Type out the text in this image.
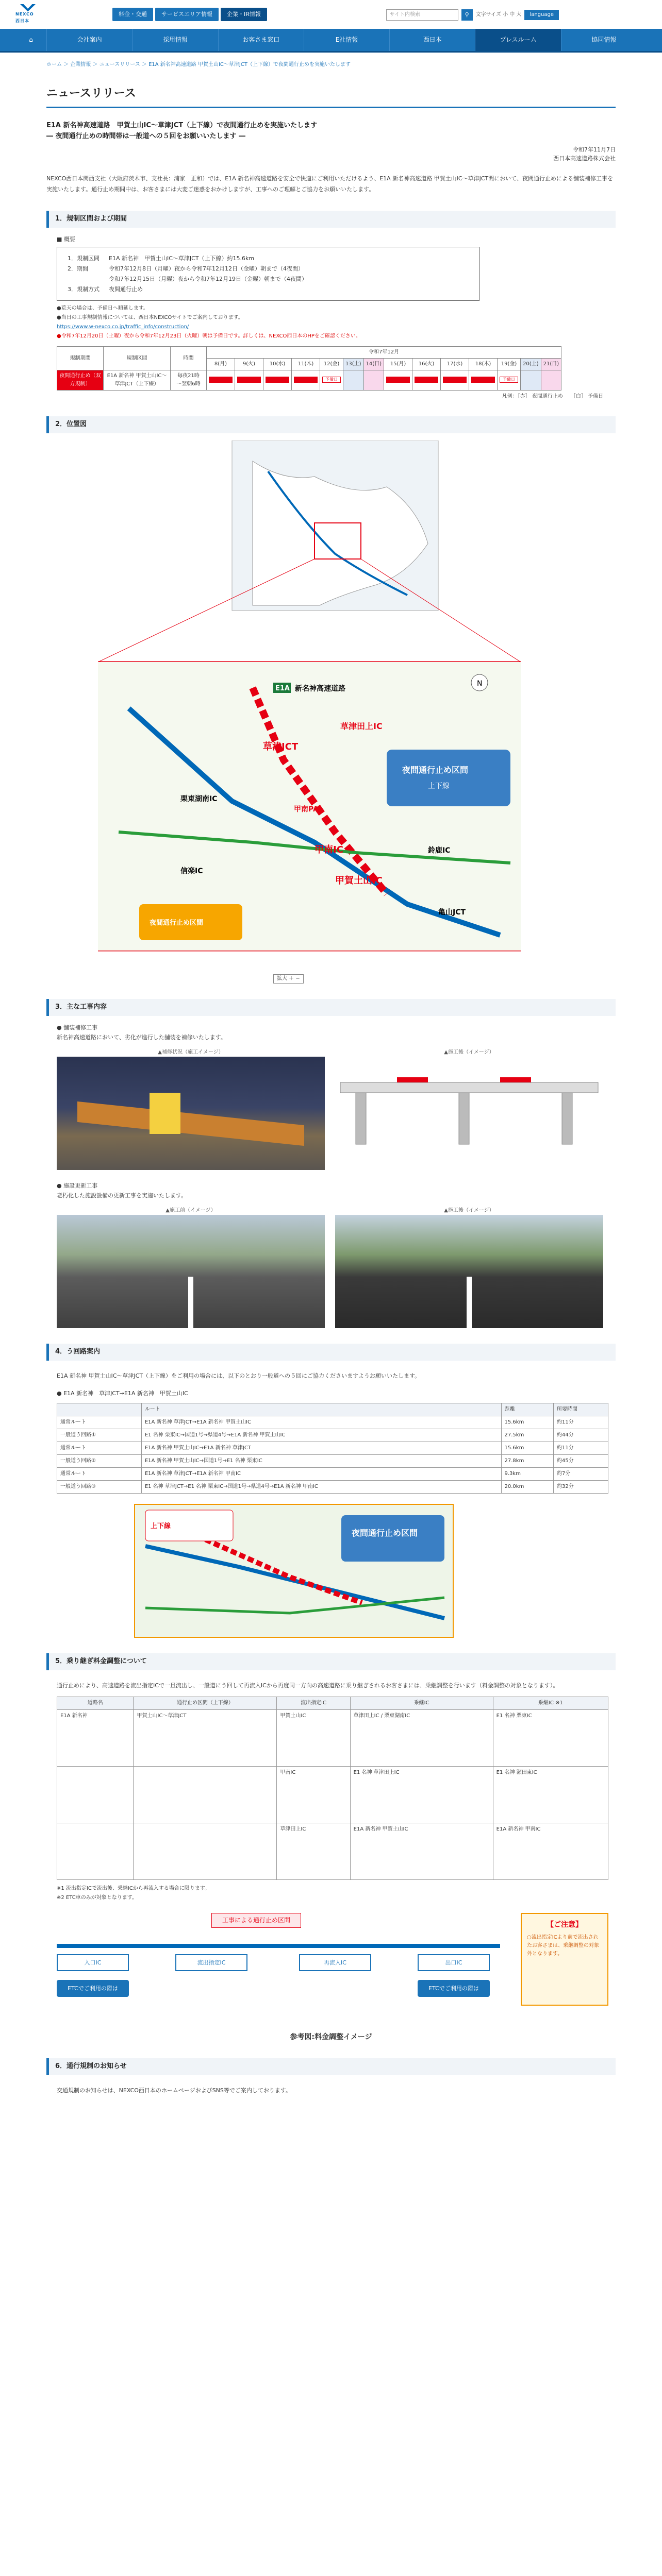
NEXCO 西日本
料金・交通	サービスエリア情報	企業・IR情報	サイト内検索	⚲	文字サイズ 小 中 大	language
⌂	会社案内	採用情報	お客さま窓口	E社情報	西日本	プレスルーム	協同情報
ホーム ＞ 企業情報 ＞ ニュースリリース ＞ E1A 新名神高速道路 甲賀土山IC〜草津JCT（上下線）で夜間通行止めを実施いたします
ニュースリリース

E1A 新名神高速道路　甲賀土山IC〜草津JCT（上下線）で夜間通行止めを実施いたします

― 夜間通行止めの時間帯は一般道への５回をお願いいたします ―

令和7年11月7日
西日本高速道路株式会社
NEXCO西日本関西支社（大阪府茨木市、支社長：浦家　正和）では、E1A 新名神高速道路を安全で快適にご利用いただけるよう、E1A 新名神高速道路 甲賀土山IC〜草津JCT間において、夜間通行止めによる舗装補修工事を実施いたします。通行止め期間中は、お客さまには大変ご迷惑をおかけしますが、工事へのご理解とご協力をお願いいたします。
1．規制区間および期間
■ 概要
1．規制区間	E1A 新名神　甲賀土山IC〜草津JCT（上下線）約15.6km
2．期間	令和7年12月8日（月曜）夜から令和7年12月12日（金曜）朝まで（4夜間）
令和7年12月15日（月曜）夜から令和7年12月19日（金曜）朝まで（4夜間）
3．規制方式	夜間通行止め
●荒天の場合は、予備日へ順延します。
●当日の工事規制情報については、西日本NEXCOサイトでご案内しております。
https://www.w-nexco.co.jp/traffic_info/construction/
●令和7年12月20日（土曜）夜から令和7年12月23日（火曜）朝は予備日です。詳しくは、NEXCO西日本のHPをご確認ください。
規制期間	規制区間	時間	令和7年12月													
			8(月)	9(火)	10(水)	11(木)	12(金)	13(土)	14(日)	15(月)	16(火)	17(水)	18(木)	19(金)	20(土)	21(日)
夜間通行止め（双方規制）	E1A 新名神 甲賀土山IC〜草津JCT（上下線）	毎夜21時
〜翌朝6時					予備日							予備日		
凡例：［赤］ 夜間通行止め　　［白］ 予備日
2．位置図
E1A 新名神高速道路
草津JCT
草津田上IC
栗東湖南IC
甲南IC
甲賀土山IC
信楽IC
亀山JCT
鈴鹿IC
甲南PA
夜間通行止め区間
上下線
夜間通行止め区間
N
拡大 ＋ −
3．主な工事内容
● 舗装補修工事
新名神高速道路において、劣化が進行した舗装を補修いたします。
▲補修状況（施工イメージ）	▲施工後（イメージ）
● 施設更新工事
老朽化した施設設備の更新工事を実施いたします。
▲施工前（イメージ）	▲施工後（イメージ）
4．う回路案内
E1A 新名神 甲賀土山IC〜草津JCT（上下線）をご利用の場合には、以下のとおり一般道への５回にご協力くださいますようお願いいたします。
● E1A 新名神　草津JCT→E1A 新名神　甲賀土山IC
	ルート	距離	所要時間
通常ルート	E1A 新名神 草津JCT→E1A 新名神 甲賀土山IC	15.6km	約11分
一般道う回路①	E1 名神 栗東IC→国道1号→県道4号→E1A 新名神 甲賀土山IC	27.5km	約44分
通常ルート	E1A 新名神 甲賀土山IC→E1A 新名神 草津JCT	15.6km	約11分
一般道う回路②	E1A 新名神 甲賀土山IC→国道1号→E1 名神 栗東IC	27.8km	約45分
通常ルート	E1A 新名神 草津JCT→E1A 新名神 甲南IC	9.3km	約7分
一般道う回路③	E1 名神 草津JCT→E1 名神 栗東IC→国道1号→県道4号→E1A 新名神 甲南IC	20.0km	約32分
夜間通行止め区間
上下線
5．乗り継ぎ料金調整について
通行止めにより、高速道路を流出指定ICで一旦流出し、一般道にう回して再流入ICから再度同一方向の高速道路に乗り継ぎされるお客さまには、乗継調整を行います（料金調整の対象となります）。
道路名	通行止め区間（上下線）	流出指定IC	乗継IC	乗継IC ※1
E1A 新名神	甲賀土山IC〜草津JCT	甲賀土山IC	草津田上IC / 栗東湖南IC	E1 名神 栗東IC
		甲南IC	E1 名神 草津田上IC	E1 名神 瀬田東IC
		草津田上IC	E1A 新名神 甲賀土山IC	E1A 新名神 甲南IC
※1 流出指定ICで流出後、乗継ICから再流入する場合に限ります。
※2 ETC車のみが対象となります。
工事による通行止め区間
入口IC	流出指定IC	再流入IC	出口IC
ETCでご利用の際は	ETCでご利用の際は
【ご注意】
○流出指定ICより前で流出されたお客さまは、乗継調整の対象外となります。
参考図:料金調整イメージ
6．通行規制のお知らせ
交通規制のお知らせは、NEXCO西日本のホームページおよびSNS等でご案内しております。
